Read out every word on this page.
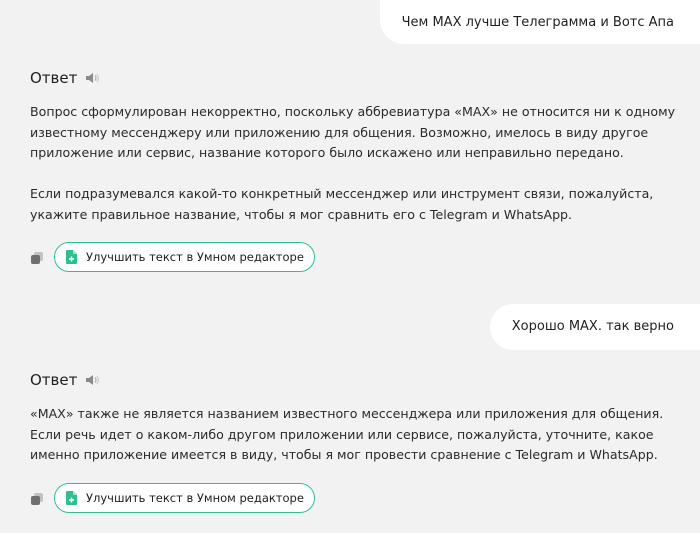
Чем MAX лучше Телеграмма и Вотс Апа
Ответ

Вопрос сформулирован некорректно, поскольку аббревиатура «MAX» не относится ни к одному известному мессенджеру или приложению для общения. Возможно, имелось в виду другое приложение или сервис, название которого было искажено или неправильно передано.

Если подразумевался какой-то конкретный мессенджер или инструмент связи, пожалуйста, укажите правильное название, чтобы я мог сравнить его с Telegram и WhatsApp.

Улучшить текст в Умном редакторе
Хорошо MAX. так верно
Ответ

«MAX» также не является названием известного мессенджера или приложения для общения. Если речь идет о каком-либо другом приложении или сервисе, пожалуйста, уточните, какое именно приложение имеется в виду, чтобы я мог провести сравнение с Telegram и WhatsApp.

Улучшить текст в Умном редакторе
